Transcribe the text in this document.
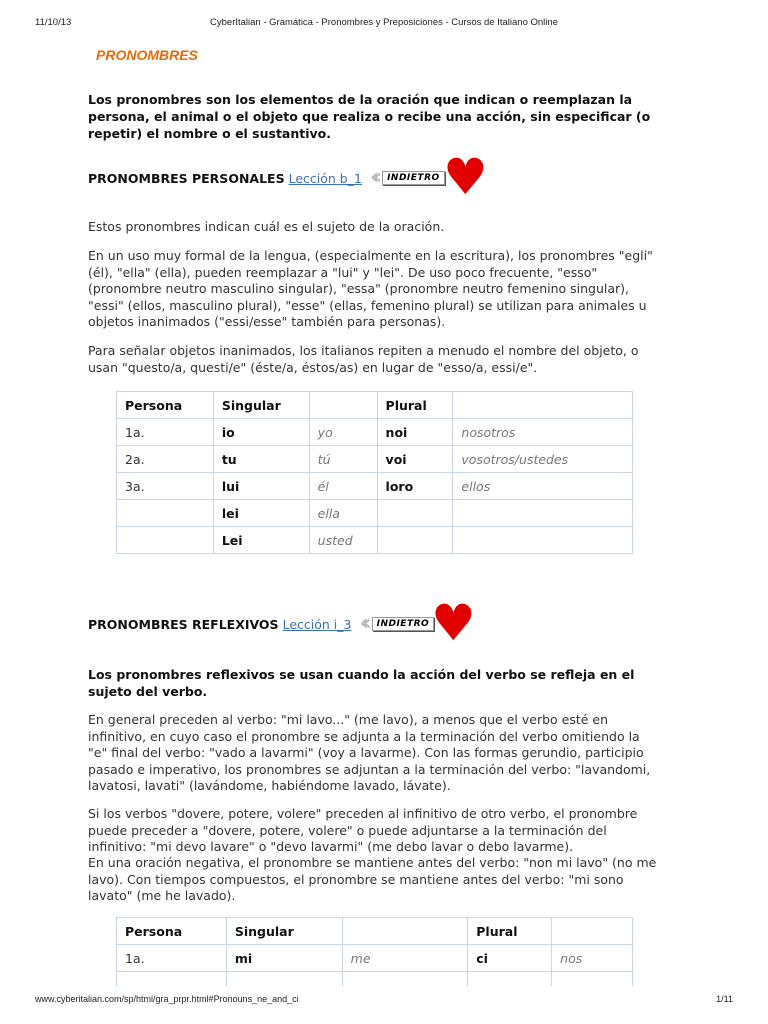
11/10/13	CyberItalian - Gramática - Pronombres y Preposiciones - Cursos de Italiano Online
PRONOMBRES
Los pronombres son los elementos de la oración que indican o reemplazan la persona, el animal o el objeto que realiza o recibe una acción, sin especificar (o repetir) el nombre o el sustantivo.
PRONOMBRES PERSONALES Lección b_1 ‹‹	INDIETRO ♥
Estos pronombres indican cuál es el sujeto de la oración.
En un uso muy formal de la lengua, (especialmente en la escritura), los pronombres "egli" (él), "ella" (ella), pueden reemplazar a "lui" y "lei". De uso poco frecuente, "esso" (pronombre neutro masculino singular), "essa" (pronombre neutro femenino singular), "essi" (ellos, masculino plural), "esse" (ellas, femenino plural) se utilizan para animales u objetos inanimados ("essi/esse" también para personas).
Para señalar objetos inanimados, los italianos repiten a menudo el nombre del objeto, o usan "questo/a, questi/e" (éste/a, éstos/as) en lugar de "esso/a, essi/e".
Persona	Singular		Plural	
1a.	io	yo	noi	nosotros
2a.	tu	tú	voi	vosotros/ustedes
3a.	lui	él	loro	ellos
	lei	ella		
	Lei	usted		
PRONOMBRES REFLEXIVOS Lección i_3 ‹‹	INDIETRO ♥
Los pronombres reflexivos se usan cuando la acción del verbo se refleja en el sujeto del verbo.
En general preceden al verbo: "mi lavo..." (me lavo), a menos que el verbo esté en infinitivo, en cuyo caso el pronombre se adjunta a la terminación del verbo omitiendo la "e" final del verbo: "vado a lavarmi" (voy a lavarme). Con las formas gerundio, participio pasado e imperativo, los pronombres se adjuntan a la terminación del verbo: "lavandomi, lavatosi, lavati" (lavándome, habiéndome lavado, lávate).
Si los verbos "dovere, potere, volere" preceden al infinitivo de otro verbo, el pronombre puede preceder a "dovere, potere, volere" o puede adjuntarse a la terminación del infinitivo: "mi devo lavare" o "devo lavarmi" (me debo lavar o debo lavarme).
En una oración negativa, el pronombre se mantiene antes del verbo: "non mi lavo" (no me lavo). Con tiempos compuestos, el pronombre se mantiene antes del verbo: "mi sono lavato" (me he lavado).
Persona	Singular		Plural	
1a.	mi	me	ci	nos

www.cyberitalian.com/sp/html/gra_prpr.html#Pronouns_ne_and_ci	1/11
